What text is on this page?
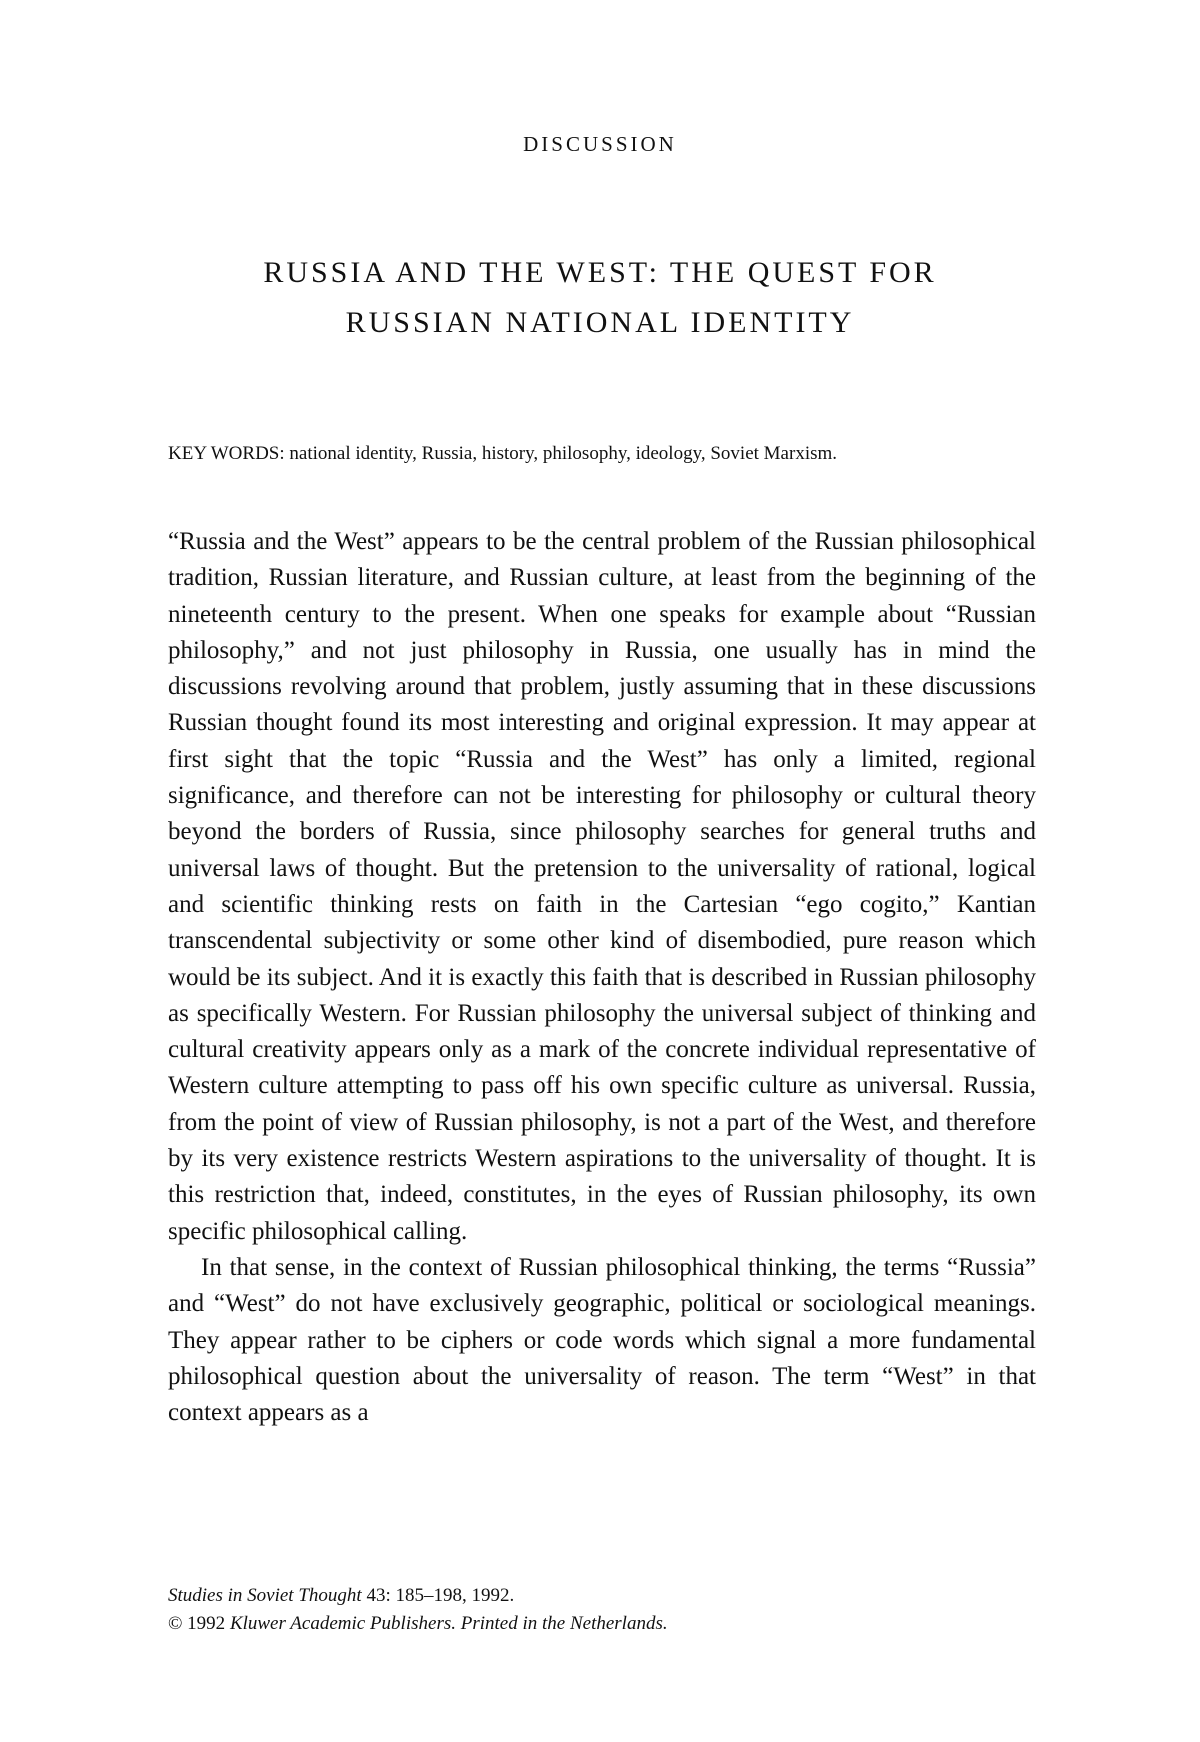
DISCUSSION
RUSSIA AND THE WEST: THE QUEST FOR
RUSSIAN NATIONAL IDENTITY
KEY WORDS: national identity, Russia, history, philosophy, ideology, Soviet Marxism.

“Russia and the West” appears to be the central problem of the Russian philosophical tradition, Russian literature, and Russian culture, at least from the beginning of the nineteenth century to the present. When one speaks for example about “Russian philosophy,” and not just philosophy in Russia, one usually has in mind the discussions revolving around that problem, justly assuming that in these discussions Russian thought found its most interesting and original expression. It may appear at first sight that the topic “Russia and the West” has only a limited, regional significance, and therefore can not be interesting for philosophy or cultural theory beyond the borders of Russia, since philosophy searches for general truths and universal laws of thought. But the pretension to the universality of rational, logical and scientific thinking rests on faith in the Cartesian “ego cogito,” Kantian transcendental subjectivity or some other kind of disembodied, pure reason which would be its subject. And it is exactly this faith that is described in Russian philosophy as specifically Western. For Russian philosophy the universal subject of thinking and cultural creativity appears only as a mark of the concrete individual representative of Western culture attempting to pass off his own specific culture as universal. Russia, from the point of view of Russian philosophy, is not a part of the West, and therefore by its very existence restricts Western aspirations to the universality of thought. It is this restriction that, indeed, constitutes, in the eyes of Russian philosophy, its own specific philosophical calling.

In that sense, in the context of Russian philosophical thinking, the terms “Russia” and “West” do not have exclusively geographic, political or sociological meanings. They appear rather to be ciphers or code words which signal a more fundamental philosophical question about the universality of reason. The term “West” in that context appears as a

Studies in Soviet Thought 43: 185–198, 1992.
© 1992 Kluwer Academic Publishers. Printed in the Netherlands.
